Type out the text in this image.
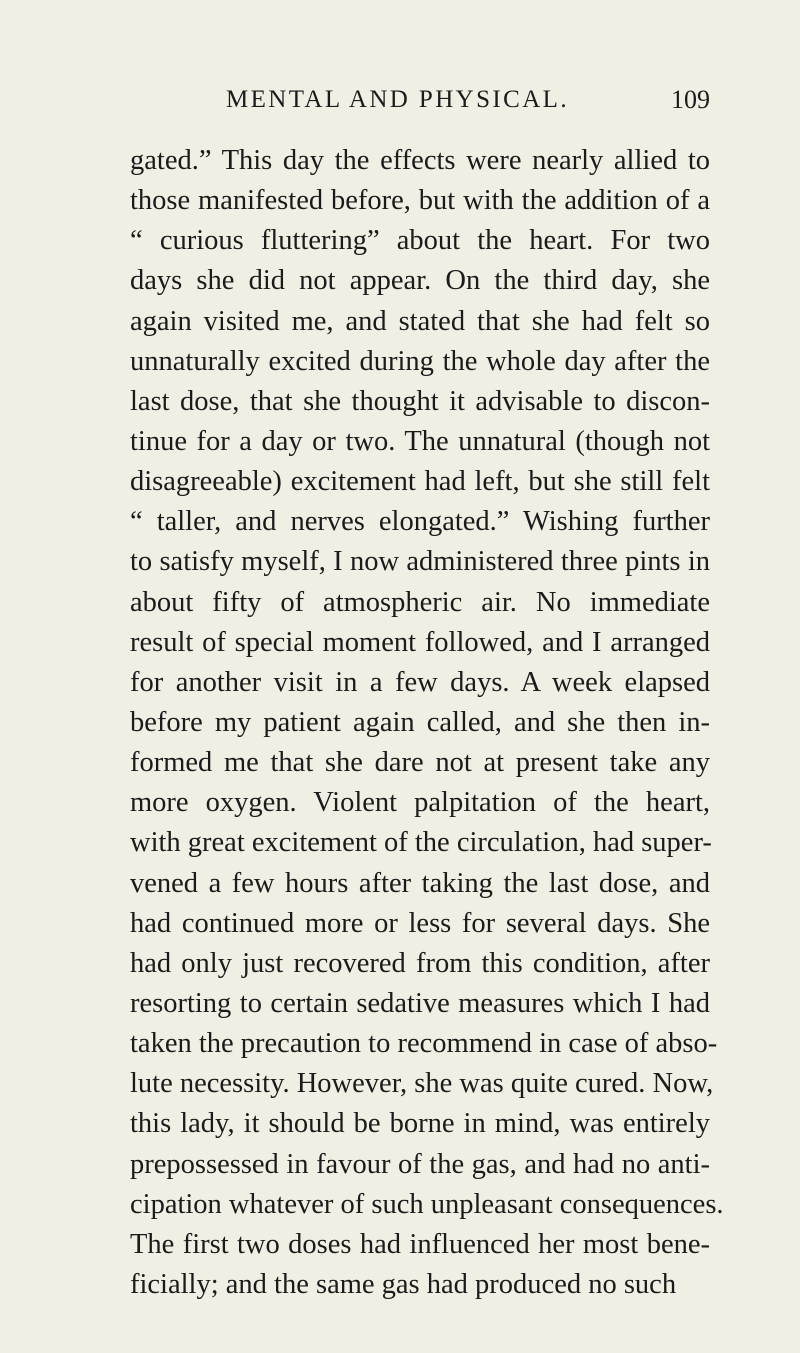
MENTAL AND PHYSICAL.	109
gated.” This day the effects were nearly allied to
those manifested before, but with the addition of a
“ curious fluttering” about the heart. For two
days she did not appear. On the third day, she
again visited me, and stated that she had felt so
unnaturally excited during the whole day after the
last dose, that she thought it advisable to discon-
tinue for a day or two. The unnatural (though not
disagreeable) excitement had left, but she still felt
“ taller, and nerves elongated.” Wishing further
to satisfy myself, I now administered three pints in
about fifty of atmospheric air. No immediate
result of special moment followed, and I arranged
for another visit in a few days. A week elapsed
before my patient again called, and she then in-
formed me that she dare not at present take any
more oxygen. Violent palpitation of the heart,
with great excitement of the circulation, had super-
vened a few hours after taking the last dose, and
had continued more or less for several days. She
had only just recovered from this condition, after
resorting to certain sedative measures which I had
taken the precaution to recommend in case of abso-
lute necessity. However, she was quite cured. Now,
this lady, it should be borne in mind, was entirely
prepossessed in favour of the gas, and had no anti-
cipation whatever of such unpleasant consequences.
The first two doses had influenced her most bene-
ficially; and the same gas had produced no such
